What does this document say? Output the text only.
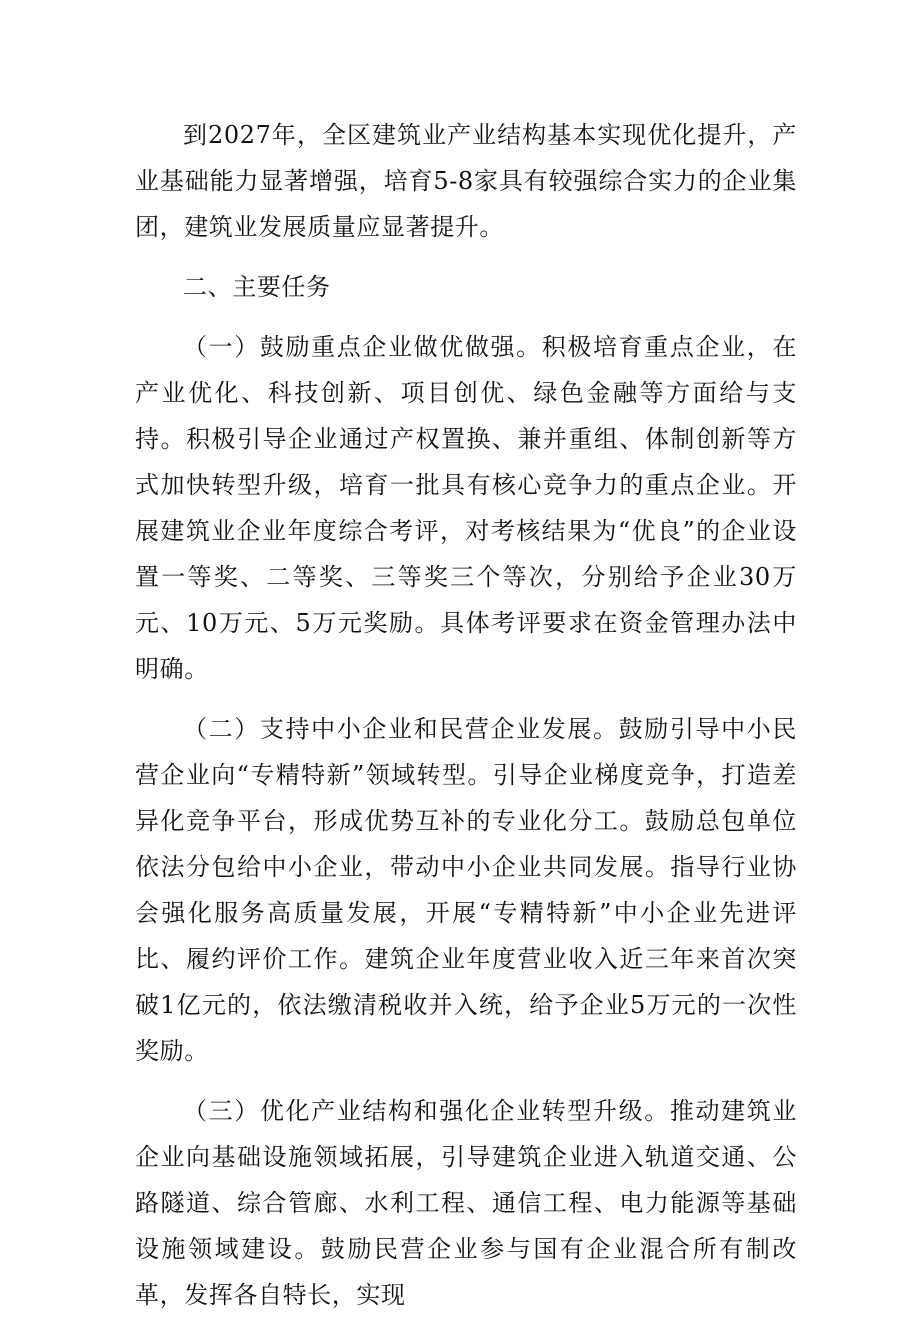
到2027年，全区建筑业产业结构基本实现优化提升，产业基础能力显著增强，培育5-8家具有较强综合实力的企业集团，建筑业发展质量应显著提升。

二、主要任务

（一）鼓励重点企业做优做强。积极培育重点企业，在产业优化、科技创新、项目创优、绿色金融等方面给与支持。积极引导企业通过产权置换、兼并重组、体制创新等方式加快转型升级，培育一批具有核心竞争力的重点企业。开展建筑业企业年度综合考评，对考核结果为“优良”的企业设置一等奖、二等奖、三等奖三个等次，分别给予企业30万元、10万元、5万元奖励。具体考评要求在资金管理办法中明确。

（二）支持中小企业和民营企业发展。鼓励引导中小民营企业向“专精特新”领域转型。引导企业梯度竞争，打造差异化竞争平台，形成优势互补的专业化分工。鼓励总包单位依法分包给中小企业，带动中小企业共同发展。指导行业协会强化服务高质量发展，开展“专精特新”中小企业先进评比、履约评价工作。建筑企业年度营业收入近三年来首次突破1亿元的，依法缴清税收并入统，给予企业5万元的一次性奖励。

（三）优化产业结构和强化企业转型升级。推动建筑业企业向基础设施领域拓展，引导建筑企业进入轨道交通、公路隧道、综合管廊、水利工程、通信工程、电力能源等基础设施领域建设。鼓励民营企业参与国有企业混合所有制改革，发挥各自特长，实现
